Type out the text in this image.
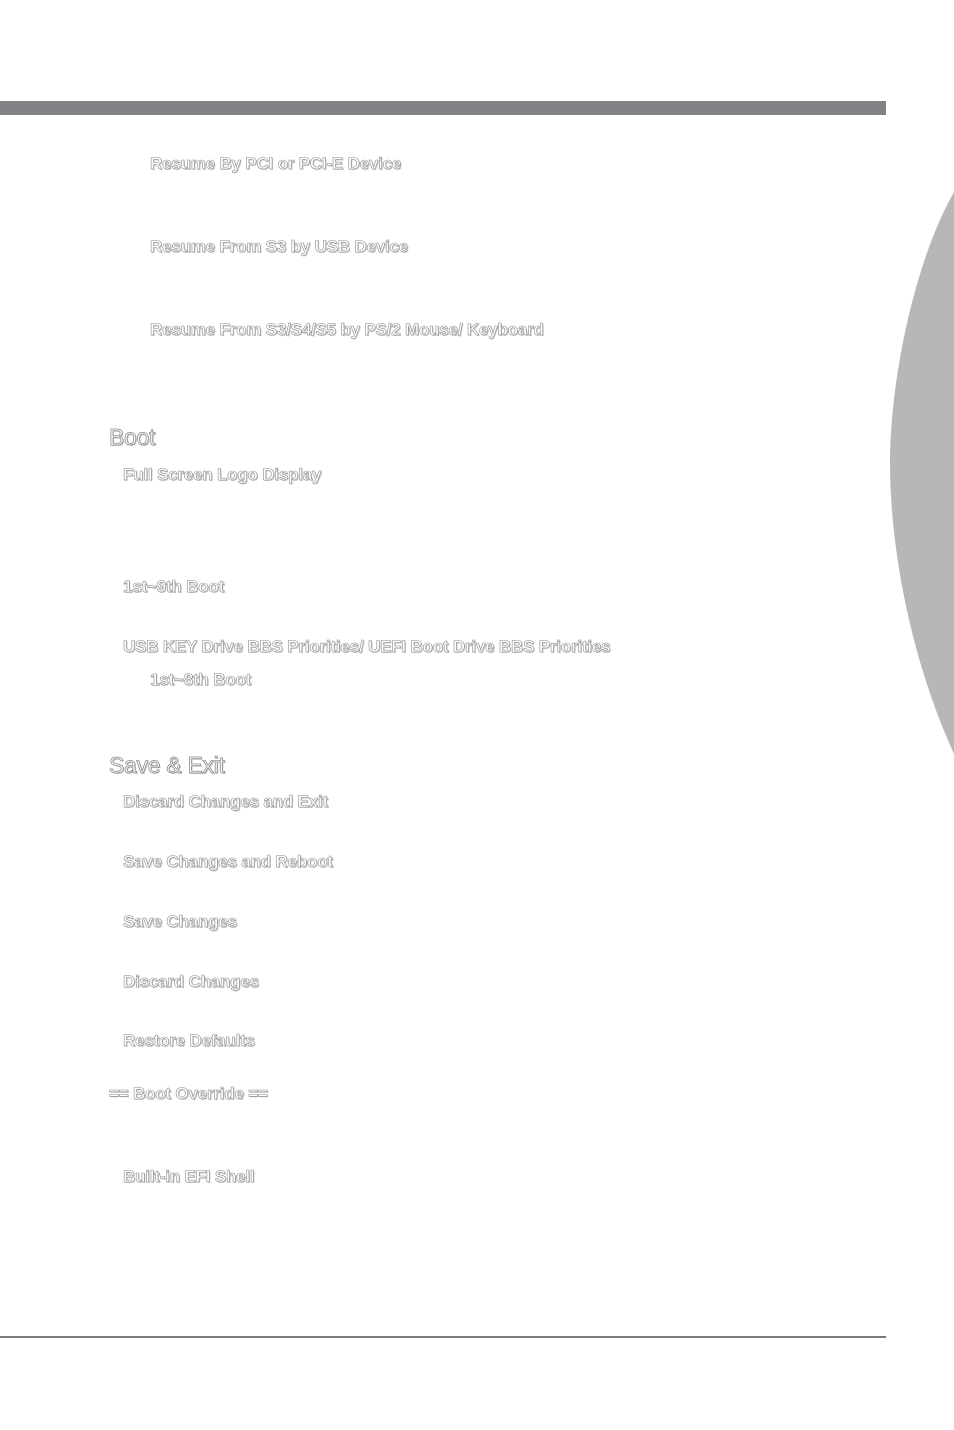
Resume By PCI or PCI-E Device
Resume From S3 by USB Device
Resume From S3/S4/S5 by PS/2 Mouse/ Keyboard
Boot
Full Screen Logo Display
1st~9th Boot
USB KEY Drive BBS Priorities/ UEFI Boot Drive BBS Priorities
1st~8th Boot
Save & Exit
Discard Changes and Exit
Save Changes and Reboot
Save Changes
Discard Changes
Restore Defaults
== Boot Override ==
Built-in EFI Shell
